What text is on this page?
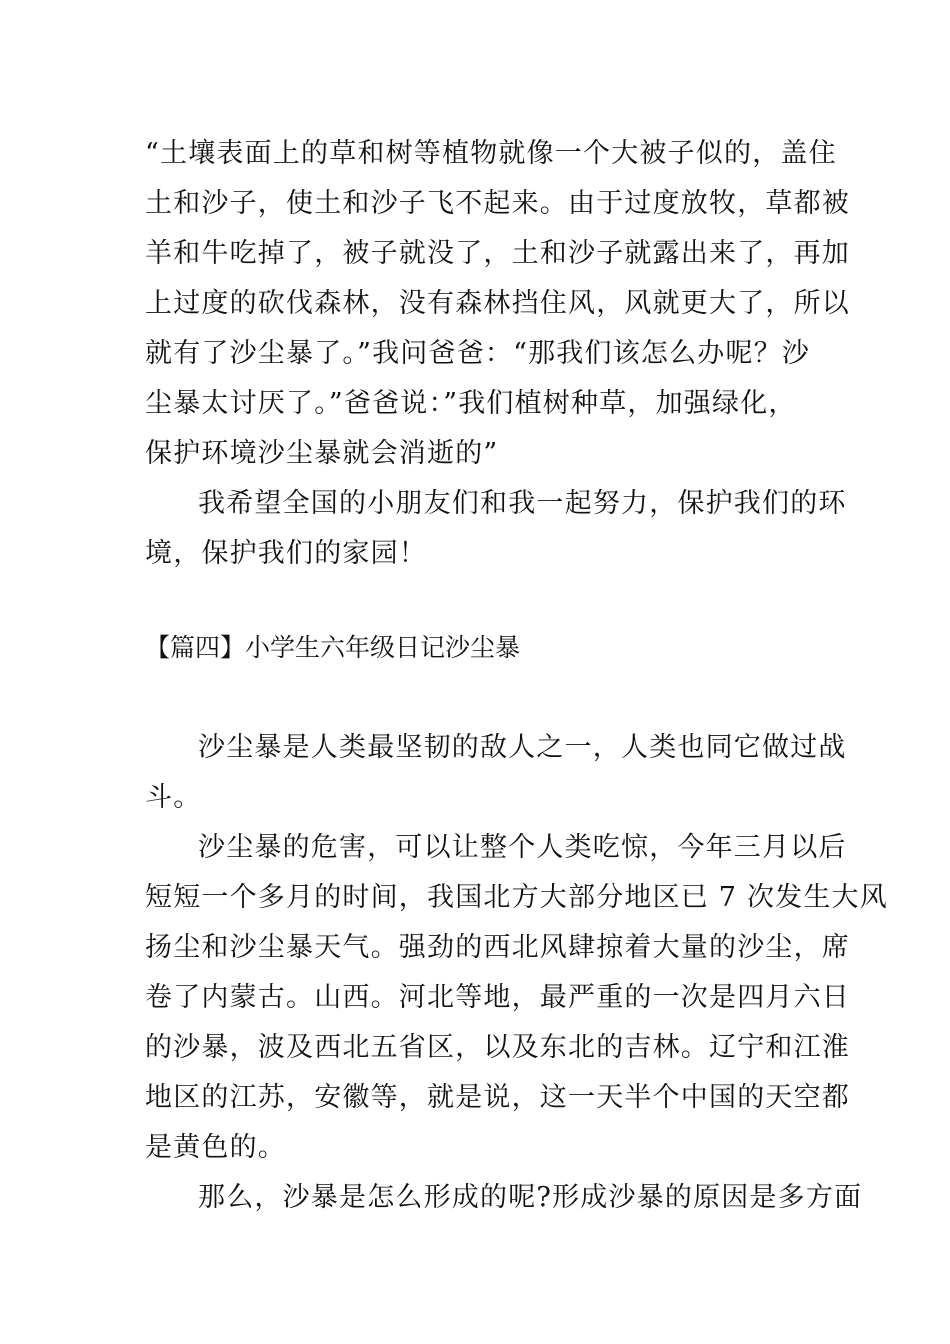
“土壤表面上的草和树等植物就像一个大被子似的，盖住
土和沙子，使土和沙子飞不起来。由于过度放牧，草都被
羊和牛吃掉了，被子就没了，土和沙子就露出来了，再加
上过度的砍伐森林，没有森林挡住风，风就更大了，所以
就有了沙尘暴了。”我问爸爸：“那我们该怎么办呢？沙
尘暴太讨厌了。”爸爸说：”我们植树种草，加强绿化，
保护环境沙尘暴就会消逝的”
我希望全国的小朋友们和我一起努力，保护我们的环
境，保护我们的家园！
【篇四】小学生六年级日记沙尘暴
沙尘暴是人类最坚韧的敌人之一，人类也同它做过战
斗。
沙尘暴的危害，可以让整个人类吃惊，今年三月以后
短短一个多月的时间，我国北方大部分地区已 7 次发生大风
扬尘和沙尘暴天气。强劲的西北风肆掠着大量的沙尘，席
卷了内蒙古。山西。河北等地，最严重的一次是四月六日
的沙暴，波及西北五省区，以及东北的吉林。辽宁和江淮
地区的江苏，安徽等，就是说，这一天半个中国的天空都
是黄色的。
那么，沙暴是怎么形成的呢?形成沙暴的原因是多方面
